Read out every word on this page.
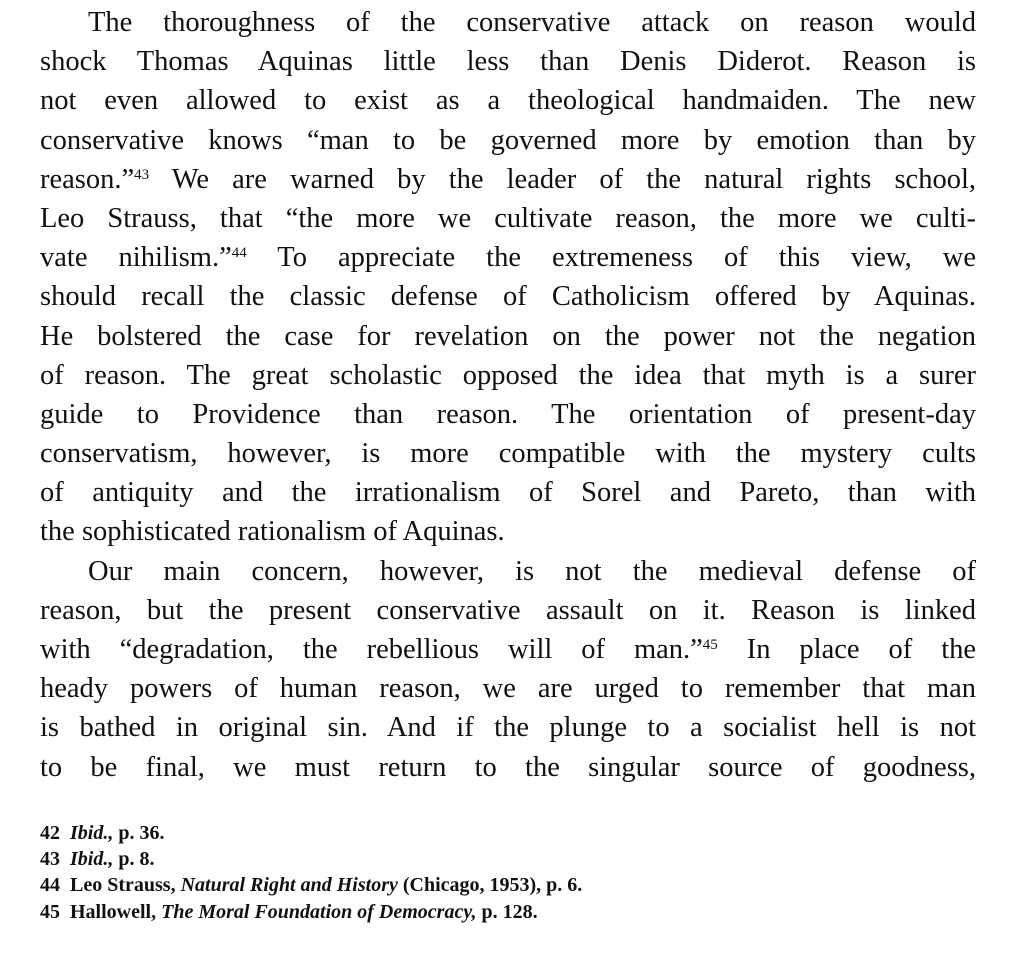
The thoroughness of the conservative attack on reason would
shock Thomas Aquinas little less than Denis Diderot. Reason is
not even allowed to exist as a theological handmaiden. The new
conservative knows “man to be governed more by emotion than by
reason.”$^{43}$ We are warned by the leader of the natural rights school,
Leo Strauss, that “the more we cultivate reason, the more we culti-
vate nihilism.”$^{44}$ To appreciate the extremeness of this view, we
should recall the classic defense of Catholicism offered by Aquinas.
He bolstered the case for revelation on the power not the negation
of reason. The great scholastic opposed the idea that myth is a surer
guide to Providence than reason. The orientation of present-day
conservatism, however, is more compatible with the mystery cults
of antiquity and the irrationalism of Sorel and Pareto, than with
the sophisticated rationalism of Aquinas.
Our main concern, however, is not the medieval defense of
reason, but the present conservative assault on it. Reason is linked
with “degradation, the rebellious will of man.”$^{45}$ In place of the
heady powers of human reason, we are urged to remember that man
is bathed in original sin. And if the plunge to a socialist hell is not
to be final, we must return to the singular source of goodness,
42 Ibid., p. 36.
43 Ibid., p. 8.
44 Leo Strauss, Natural Right and History (Chicago, 1953), p. 6.
45 Hallowell, The Moral Foundation of Democracy, p. 128.
